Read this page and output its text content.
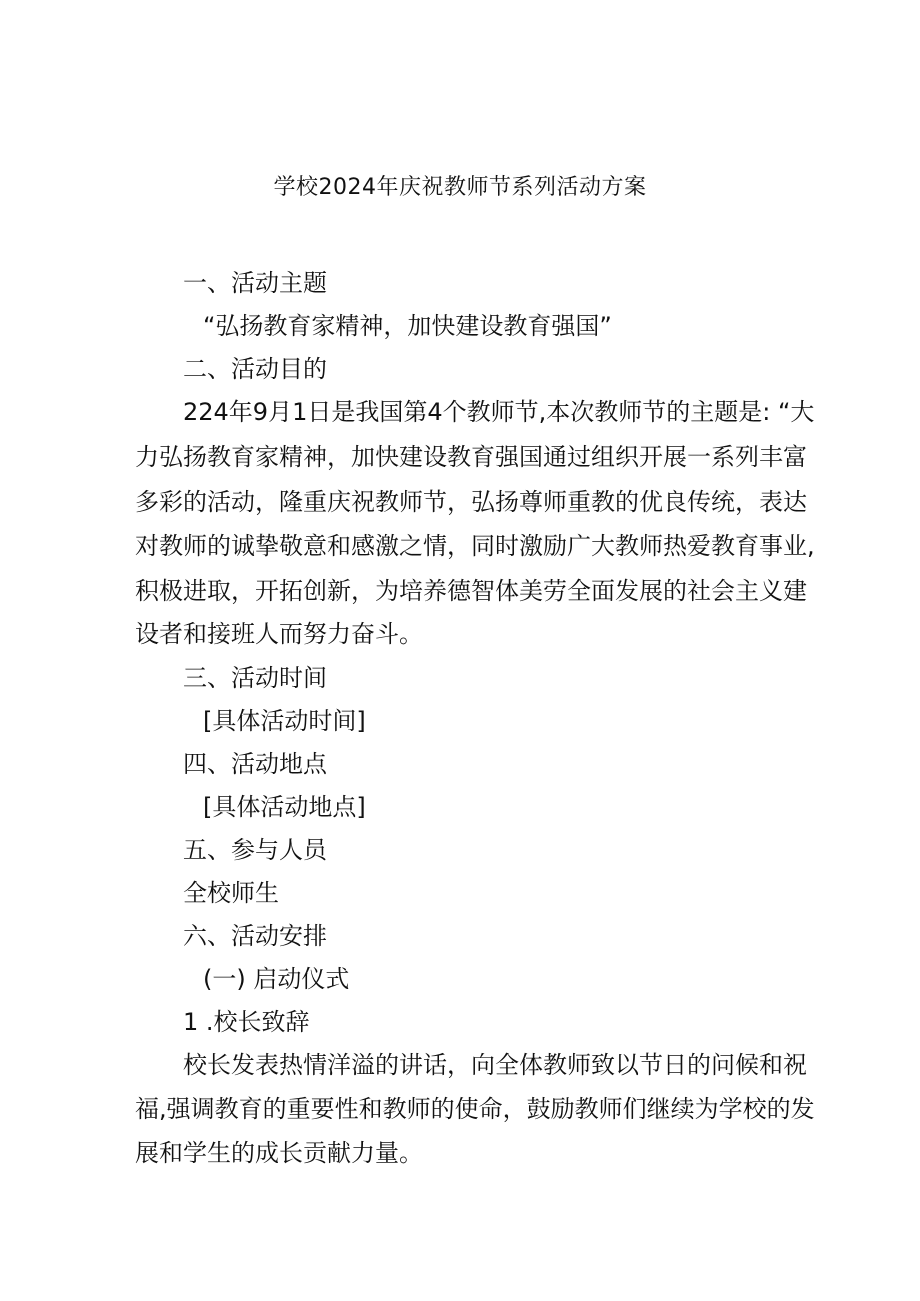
学校2024年庆祝教师节系列活动方案
一、活动主题
“弘扬教育家精神，加快建设教育强国”
二、活动目的
224年9月1日是我国第4个教师节,本次教师节的主题是: “大
力弘扬教育家精神，加快建设教育强国通过组织开展一系列丰富
多彩的活动，隆重庆祝教师节，弘扬尊师重教的优良传统，表达
对教师的诚挚敬意和感激之情，同时激励广大教师热爱教育事业,
积极进取，开拓创新，为培养德智体美劳全面发展的社会主义建
设者和接班人而努力奋斗。
三、活动时间
[具体活动时间]
四、活动地点
[具体活动地点]
五、参与人员
全校师生
六、活动安排
(一) 启动仪式
1 .校长致辞
校长发表热情洋溢的讲话，向全体教师致以节日的问候和祝
福,强调教育的重要性和教师的使命，鼓励教师们继续为学校的发
展和学生的成长贡献力量。
